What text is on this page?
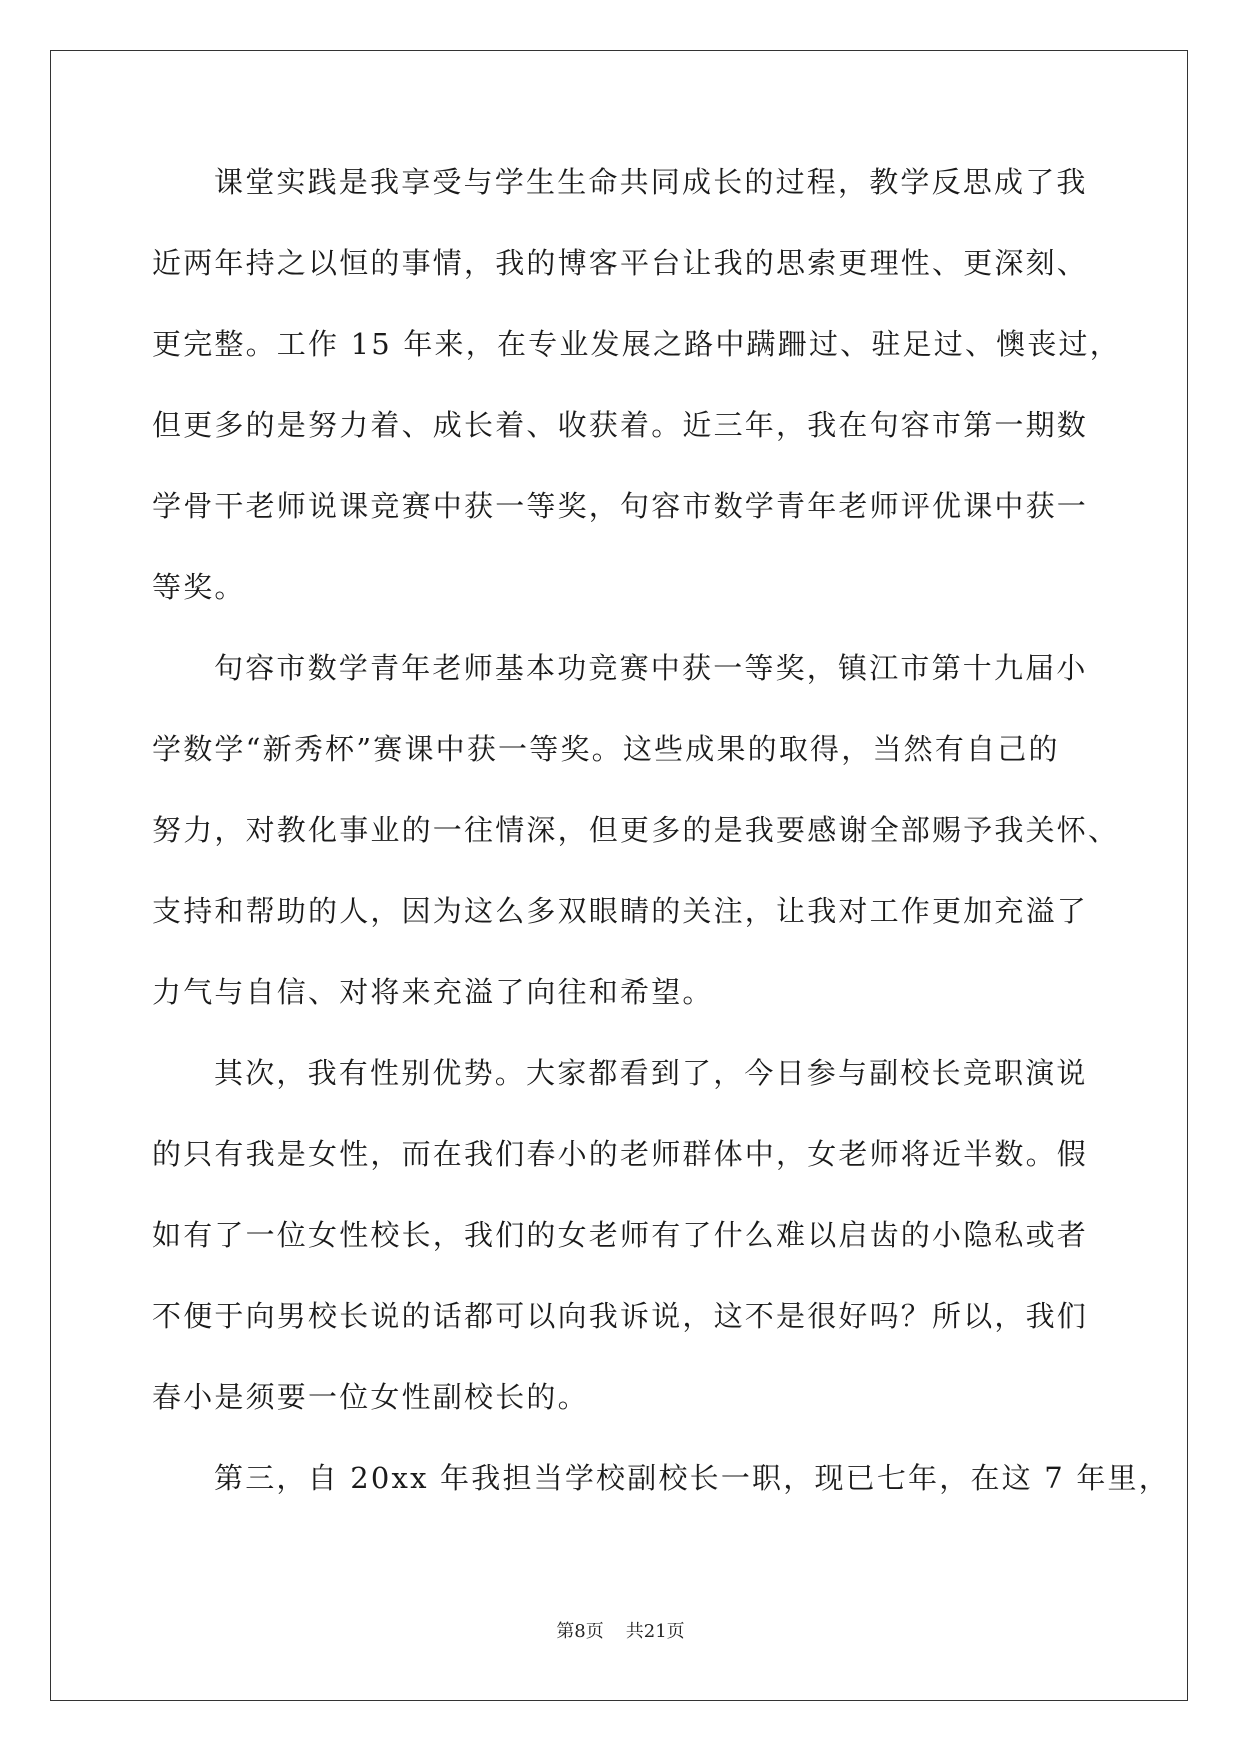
课堂实践是我享受与学生生命共同成长的过程，教学反思成了我
近两年持之以恒的事情，我的博客平台让我的思索更理性、更深刻、
更完整。工作 15 年来，在专业发展之路中蹒跚过、驻足过、懊丧过，
但更多的是努力着、成长着、收获着。近三年，我在句容市第一期数
学骨干老师说课竞赛中获一等奖，句容市数学青年老师评优课中获一
等奖。
句容市数学青年老师基本功竞赛中获一等奖，镇江市第十九届小
学数学“新秀杯”赛课中获一等奖。这些成果的取得，当然有自己的
努力，对教化事业的一往情深，但更多的是我要感谢全部赐予我关怀、
支持和帮助的人，因为这么多双眼睛的关注，让我对工作更加充溢了
力气与自信、对将来充溢了向往和希望。
其次，我有性别优势。大家都看到了，今日参与副校长竞职演说
的只有我是女性，而在我们春小的老师群体中，女老师将近半数。假
如有了一位女性校长，我们的女老师有了什么难以启齿的小隐私或者
不便于向男校长说的话都可以向我诉说，这不是很好吗？所以，我们
春小是须要一位女性副校长的。
第三，自 20xx 年我担当学校副校长一职，现已七年，在这 7 年里，
第8页 共21页
